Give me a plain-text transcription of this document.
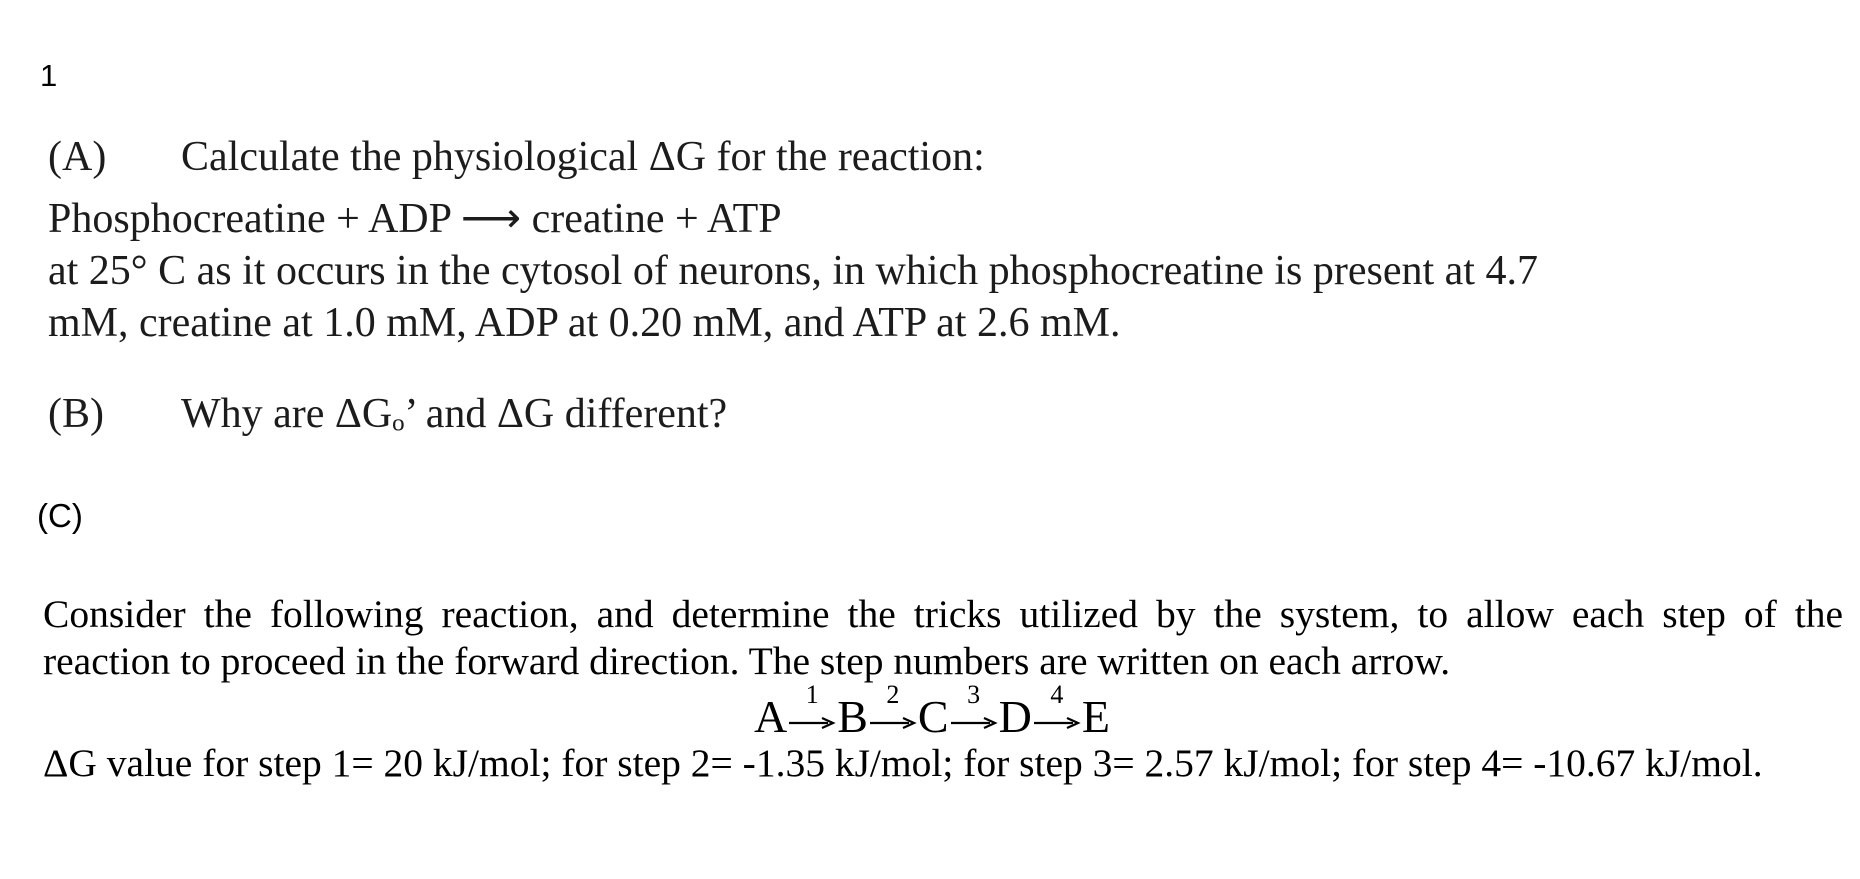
1
(A) Calculate the physiological ΔG for the reaction:
Phosphocreatine + ADP ⟶ creatine + ATP
at 25° C as it occurs in the cytosol of neurons, in which phosphocreatine is present at 4.7
mM, creatine at 1.0 mM, ADP at 0.20 mM, and ATP at 2.6 mM.
(B) Why are ΔGₒ’ and ΔG different?
(C)
Consider the following reaction, and determine the tricks utilized by the system, to allow each step of the
reaction to proceed in the forward direction. The step numbers are written on each arrow.
A 1 B 2 C 3 D 4 E
ΔG value for step 1= 20 kJ/mol; for step 2= -1.35 kJ/mol; for step 3= 2.57 kJ/mol; for step 4= -10.67 kJ/mol.
